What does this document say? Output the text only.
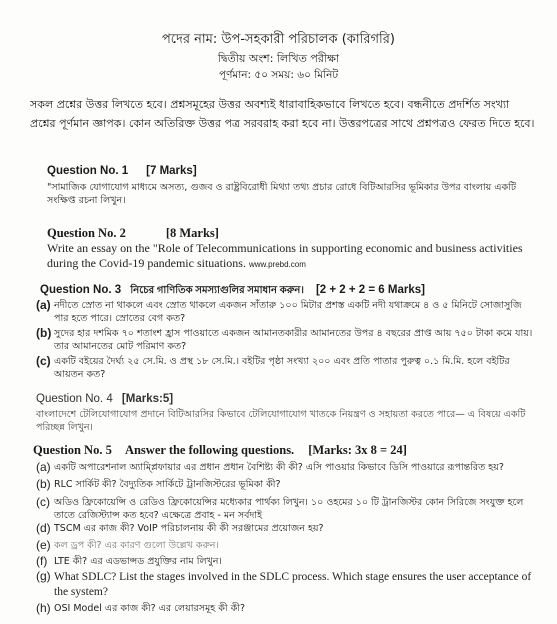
পদের নাম: উপ-সহকারী পরিচালক (কারিগরি)
দ্বিতীয় অংশ: লিখিত পরীক্ষা
পূর্ণমান: ৫০ সময়: ৬০ মিনিট
সকল প্রশ্নের উত্তর লিখতে হবে। প্রশ্নসমূহের উত্তর অবশ্যই ধারাবাহিকভাবে লিখতে হবে। বন্ধনীতে প্রদর্শিত সংখ্যা প্রশ্নের পূর্ণমান জ্ঞাপক। কোন অতিরিক্ত উত্তর পত্র সরবরাহ করা হবে না। উত্তরপত্রের সাথে প্রশ্নপত্রও ফেরত দিতে হবে।
Question No. 1 [7 Marks]
"সামাজিক যোগাযোগ মাধ্যমে অসত্য, গুজব ও রাষ্ট্রবিরোধী মিথ্যা তথ্য প্রচার রোধে বিটিআরসির ভূমিকার উপর বাংলায় একটি সংক্ষিপ্ত রচনা লিখুন।
Question No. 2	[8 Marks]
Write an essay on the "Role of Telecommunications in supporting economic and business activities during the Covid-19 pandemic situations. www.prebd.com
Question No. 3 নিচের গাণিতিক সমস্যাগুলির সমাধান করুন। [2 + 2 + 2 = 6 Marks]
(a) নদীতে স্রোত না থাকলে এবং স্রোত থাকলে একজন সাঁতারু ১০০ মিটার প্রশস্ত একটি নদী যথাক্রমে ৪ ও ৫ মিনিটে সোজাসুজি পার হতে পারে। স্রোতের বেগ কত?
(b) সুদের হার দশমিক ৭০ শতাংশ হ্রাস পাওয়াতে একজন আমানতকারীর আমানতের উপর ৪ বছরের প্রাপ্ত আয় ৭৫০ টাকা কমে যায়। তার আমানতের মোট পরিমাণ কত?
(c) একটি বইয়ের দৈর্ঘ্য ২৫ সে.মি. ও প্রস্থ ১৮ সে.মি.। বইটির পৃষ্ঠা সংখ্যা ২০০ এবং প্রতি পাতার পুরুত্ব ০.১ মি.মি. হলে বইটির আয়তন কত?
Question No. 4 [Marks:5]
বাংলাদেশে টেলিযোগাযোগ প্রদানে বিটিআরসির কিভাবে টেলিযোগাযোগ খাতকে নিয়ন্ত্রণ ও সহায়তা করতে পারে— এ বিষয়ে একটি পরিচ্ছন্ন লিখুন।
Question No. 5 Answer the following questions. [Marks: 3x 8 = 24]
(a) একটি অপারেশনাল অ্যাম্প্লিফায়ার এর প্রধান প্রধান বৈশিষ্ট্য কী কী? এসি পাওয়ার কিভাবে ডিসি পাওয়ারে রূপান্তরিত হয়?
(b) RLC সার্কিট কী? বৈদ্যুতিক সার্কিটে ট্রানজিস্টরের ভূমিকা কী?
(c) অডিও ফ্রিকোয়েন্সি ও রেডিও ফ্রিকোয়েন্সির মধ্যেকার পার্থক্য লিখুন। ১০ ওহমের ১০ টি ট্রানজিস্টর কোন সিরিজে সংযুক্ত হলে তাতে রেজিস্ট্যান্স কত হবে? এক্ষেত্রে প্রবাহ - মন সর্বদাই
(d) TSCM এর কাজ কী? VoIP পরিচালনায় কী কী সরঞ্জামের প্রয়োজন হয়?
(e) কল ড্রপ কী? এর কারণ গুলো উল্লেখ করুন।
(f) LTE কী? এর এডভান্সড প্রযুক্তির নাম লিখুন।
(g) What SDLC? List the stages involved in the SDLC process. Which stage ensures the user acceptance of the system?
(h) OSI Model এর কাজ কী? এর লেয়ারসমূহ কী কী?
